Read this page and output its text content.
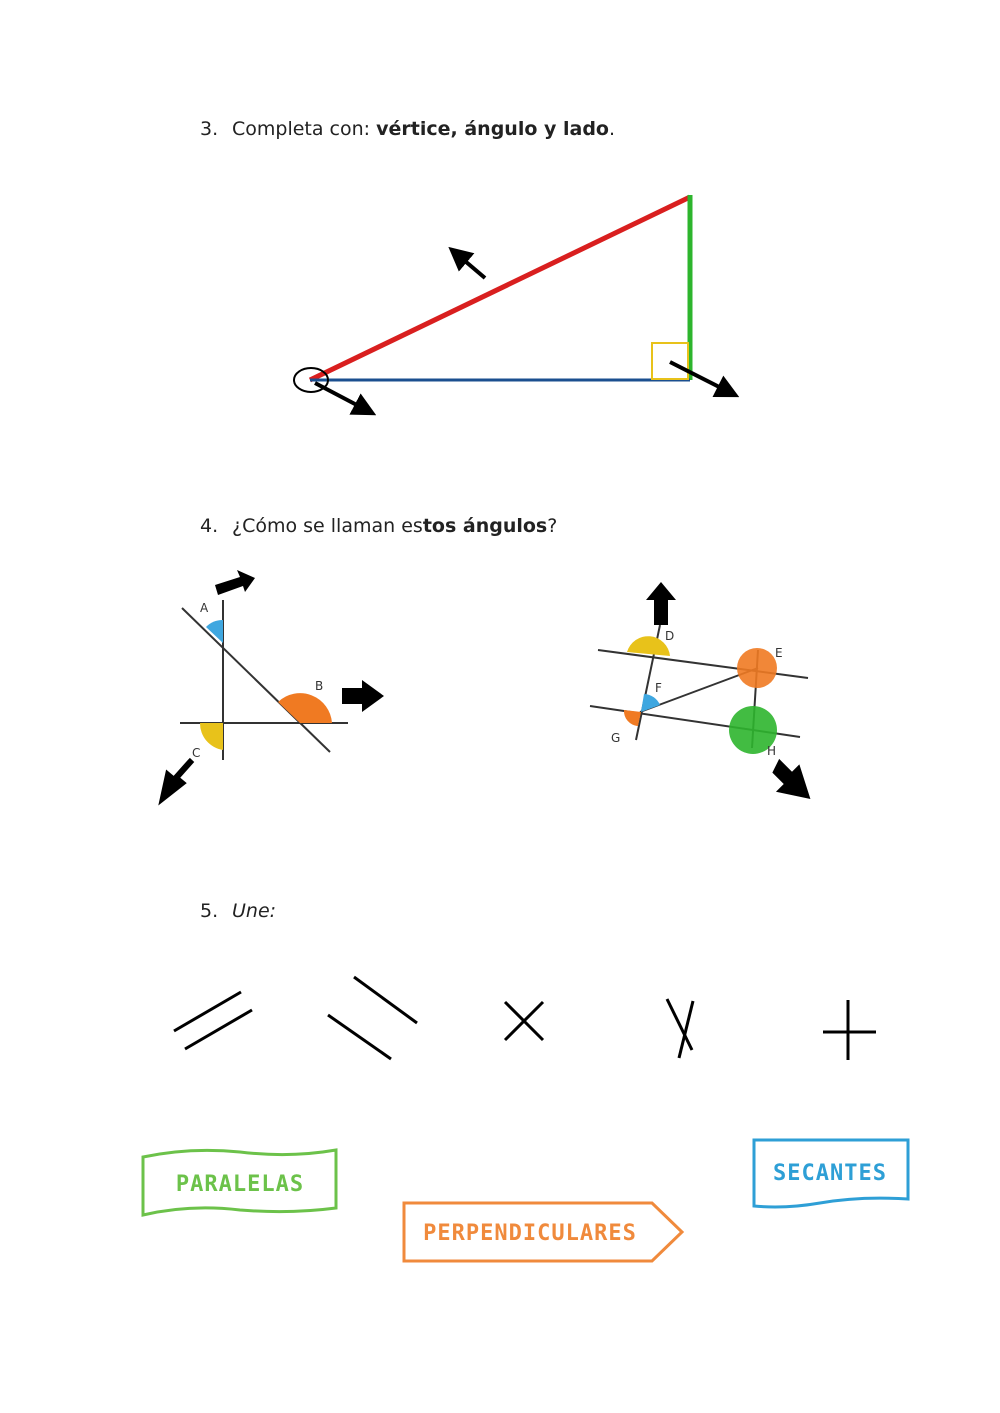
3. Completa con: vértice, ángulo y lado.
4. ¿Cómo se llaman estos ángulos?
5. Une:
A
B
C
D
E
F
G
H
PARALELAS
PERPENDICULARES
SECANTES
